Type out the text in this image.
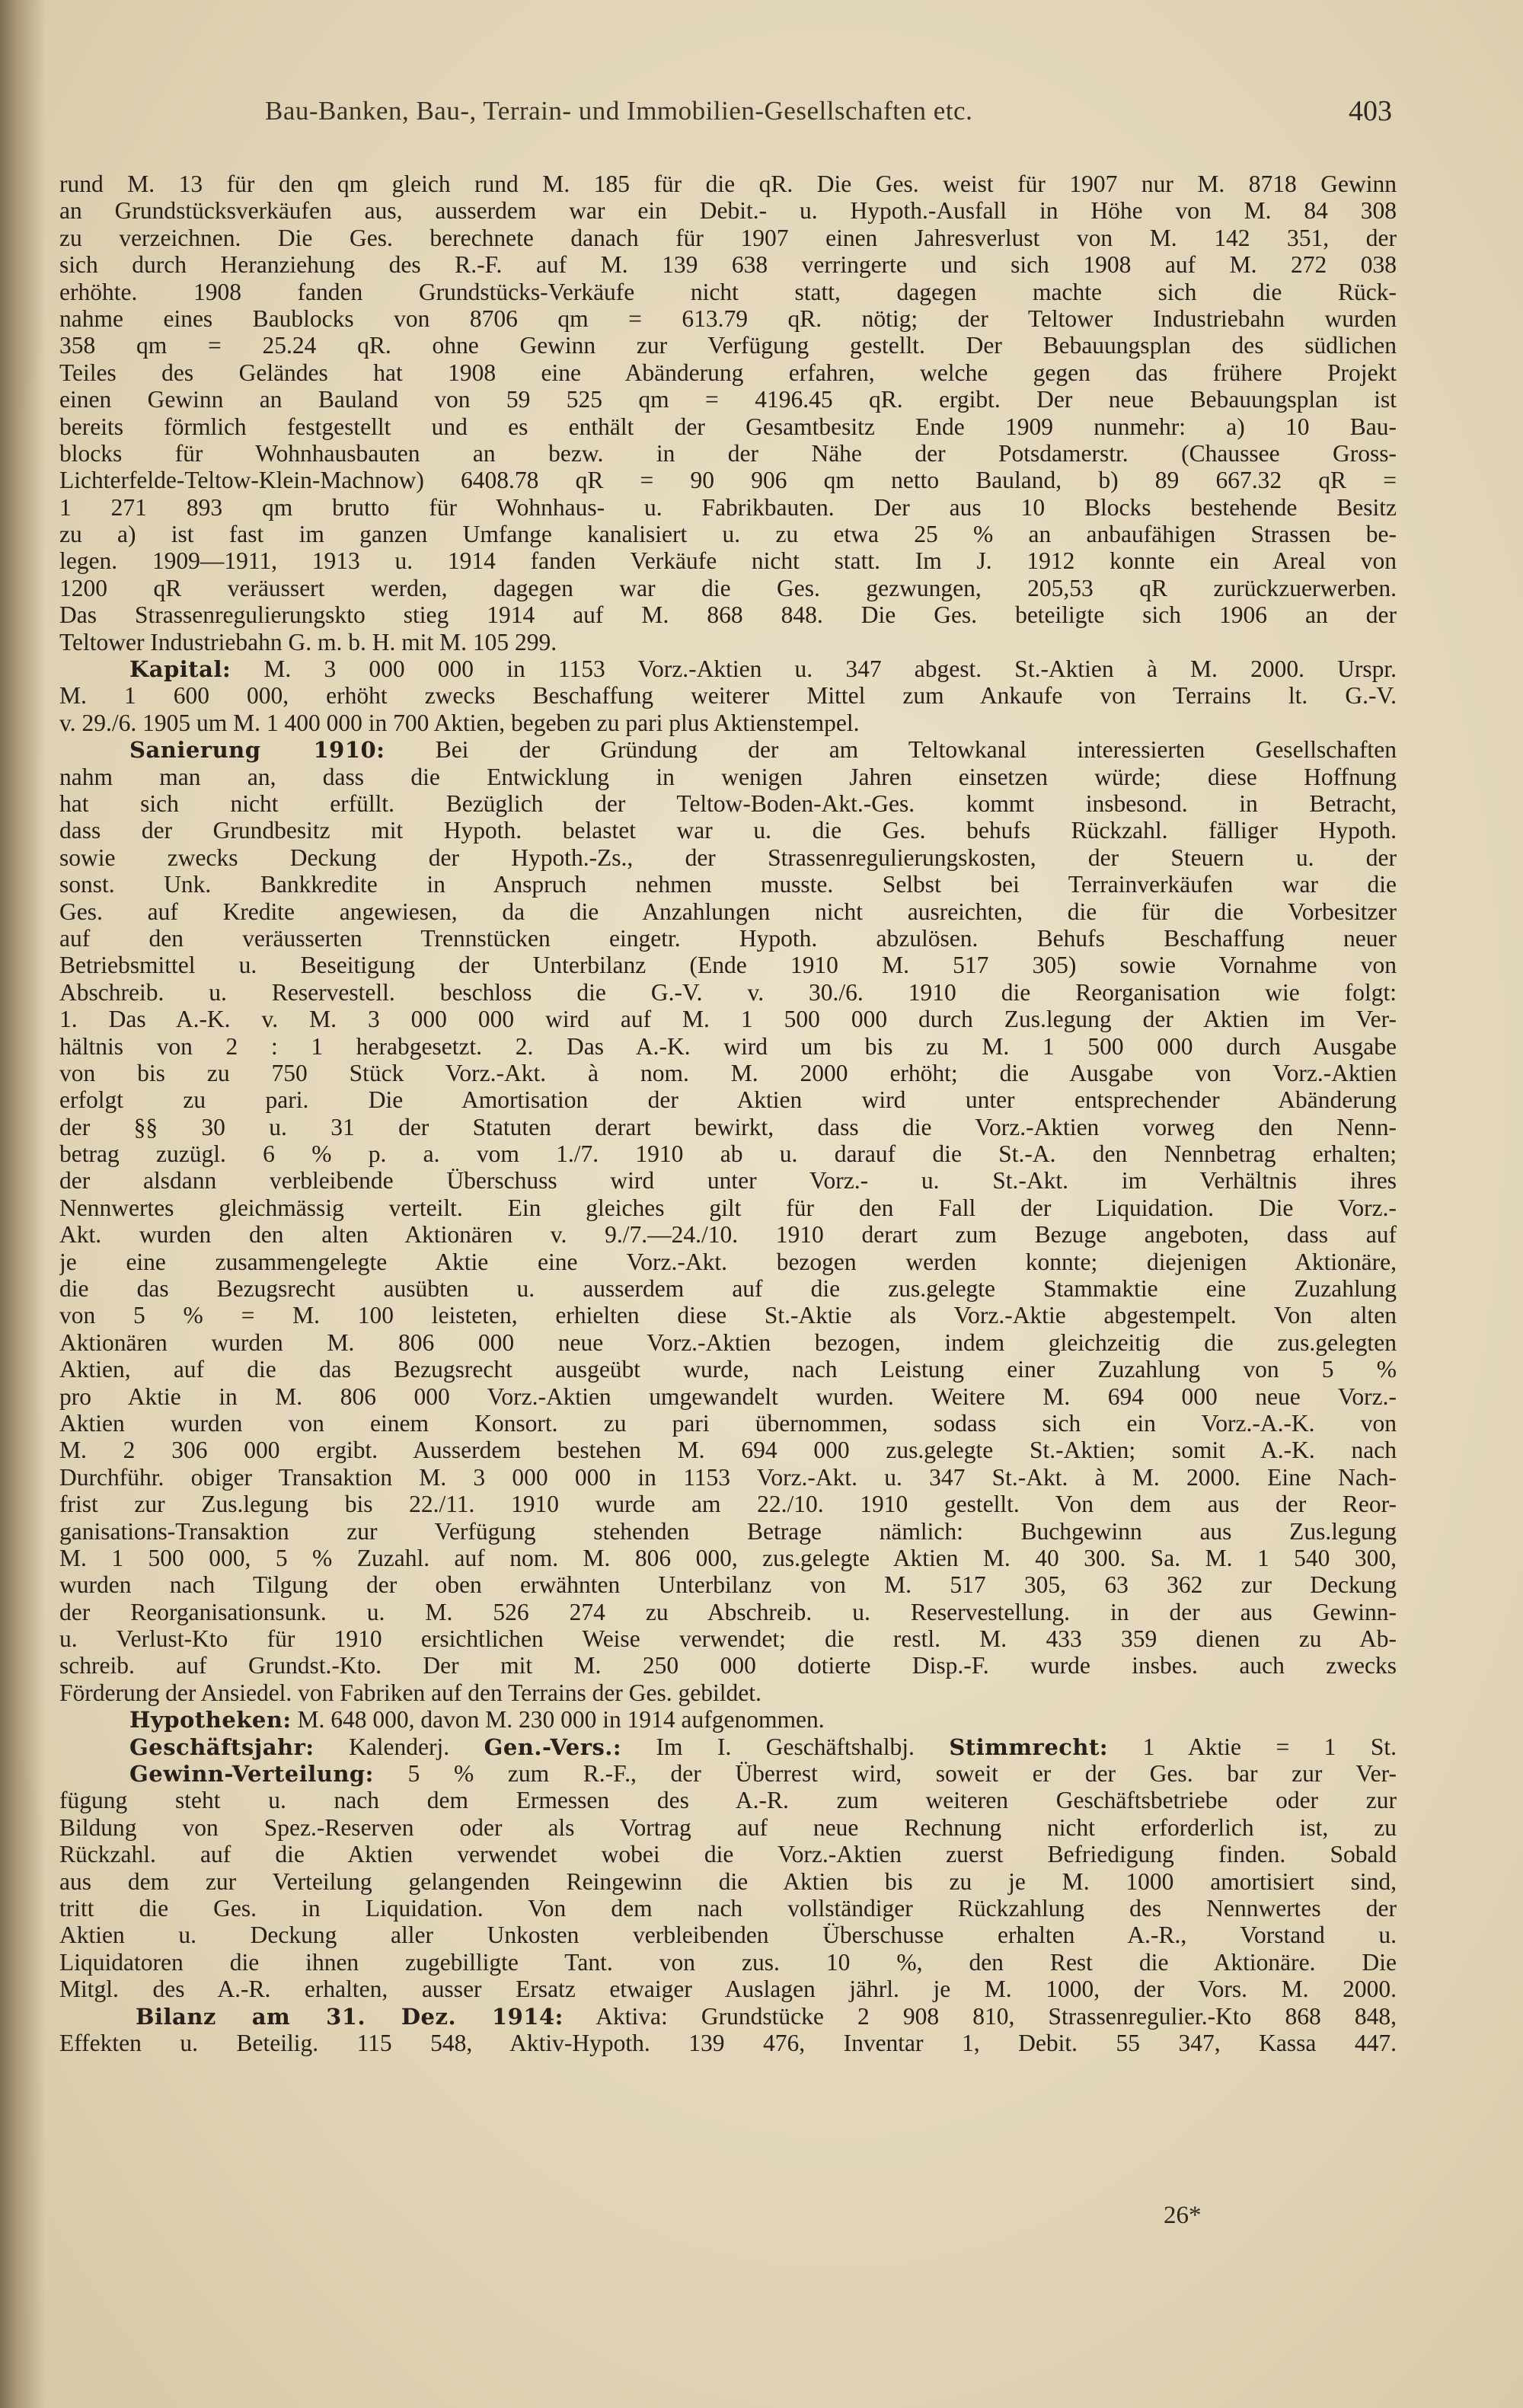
Bau-Banken, Bau-, Terrain- und Immobilien-Gesellschaften etc.	403
rund M. 13 für den qm gleich rund M. 185 für die qR. Die Ges. weist für 1907 nur M. 8718 Gewinn
an Grundstücksverkäufen aus, ausserdem war ein Debit.- u. Hypoth.-Ausfall in Höhe von M. 84 308
zu verzeichnen. Die Ges. berechnete danach für 1907 einen Jahresverlust von M. 142 351, der
sich durch Heranziehung des R.-F. auf M. 139 638 verringerte und sich 1908 auf M. 272 038
erhöhte. 1908 fanden Grundstücks-Verkäufe nicht statt, dagegen machte sich die Rück-
nahme eines Baublocks von 8706 qm = 613.79 qR. nötig; der Teltower Industriebahn wurden
358 qm = 25.24 qR. ohne Gewinn zur Verfügung gestellt. Der Bebauungsplan des südlichen
Teiles des Geländes hat 1908 eine Abänderung erfahren, welche gegen das frühere Projekt
einen Gewinn an Bauland von 59 525 qm = 4196.45 qR. ergibt. Der neue Bebauungsplan ist
bereits förmlich festgestellt und es enthält der Gesamtbesitz Ende 1909 nunmehr: a) 10 Bau-
blocks für Wohnhausbauten an bezw. in der Nähe der Potsdamerstr. (Chaussee Gross-
Lichterfelde-Teltow-Klein-Machnow) 6408.78 qR = 90 906 qm netto Bauland, b) 89 667.32 qR =
1 271 893 qm brutto für Wohnhaus- u. Fabrikbauten. Der aus 10 Blocks bestehende Besitz
zu a) ist fast im ganzen Umfange kanalisiert u. zu etwa 25 % an anbaufähigen Strassen be-
legen. 1909—1911, 1913 u. 1914 fanden Verkäufe nicht statt. Im J. 1912 konnte ein Areal von
1200 qR veräussert werden, dagegen war die Ges. gezwungen, 205,53 qR zurückzuerwerben.
Das Strassenregulierungskto stieg 1914 auf M. 868 848. Die Ges. beteiligte sich 1906 an der
Teltower Industriebahn G. m. b. H. mit M. 105 299.
Kapital: M. 3 000 000 in 1153 Vorz.-Aktien u. 347 abgest. St.-Aktien à M. 2000. Urspr.
M. 1 600 000, erhöht zwecks Beschaffung weiterer Mittel zum Ankaufe von Terrains lt. G.-V.
v. 29./6. 1905 um M. 1 400 000 in 700 Aktien, begeben zu pari plus Aktienstempel.
Sanierung 1910: Bei der Gründung der am Teltowkanal interessierten Gesellschaften
nahm man an, dass die Entwicklung in wenigen Jahren einsetzen würde; diese Hoffnung
hat sich nicht erfüllt. Bezüglich der Teltow-Boden-Akt.-Ges. kommt insbesond. in Betracht,
dass der Grundbesitz mit Hypoth. belastet war u. die Ges. behufs Rückzahl. fälliger Hypoth.
sowie zwecks Deckung der Hypoth.-Zs., der Strassenregulierungskosten, der Steuern u. der
sonst. Unk. Bankkredite in Anspruch nehmen musste. Selbst bei Terrainverkäufen war die
Ges. auf Kredite angewiesen, da die Anzahlungen nicht ausreichten, die für die Vorbesitzer
auf den veräusserten Trennstücken eingetr. Hypoth. abzulösen. Behufs Beschaffung neuer
Betriebsmittel u. Beseitigung der Unterbilanz (Ende 1910 M. 517 305) sowie Vornahme von
Abschreib. u. Reservestell. beschloss die G.-V. v. 30./6. 1910 die Reorganisation wie folgt:
1. Das A.-K. v. M. 3 000 000 wird auf M. 1 500 000 durch Zus.legung der Aktien im Ver-
hältnis von 2 : 1 herabgesetzt. 2. Das A.-K. wird um bis zu M. 1 500 000 durch Ausgabe
von bis zu 750 Stück Vorz.-Akt. à nom. M. 2000 erhöht; die Ausgabe von Vorz.-Aktien
erfolgt zu pari. Die Amortisation der Aktien wird unter entsprechender Abänderung
der §§ 30 u. 31 der Statuten derart bewirkt, dass die Vorz.-Aktien vorweg den Nenn-
betrag zuzügl. 6 % p. a. vom 1./7. 1910 ab u. darauf die St.-A. den Nennbetrag erhalten;
der alsdann verbleibende Überschuss wird unter Vorz.- u. St.-Akt. im Verhältnis ihres
Nennwertes gleichmässig verteilt. Ein gleiches gilt für den Fall der Liquidation. Die Vorz.-
Akt. wurden den alten Aktionären v. 9./7.—24./10. 1910 derart zum Bezuge angeboten, dass auf
je eine zusammengelegte Aktie eine Vorz.-Akt. bezogen werden konnte; diejenigen Aktionäre,
die das Bezugsrecht ausübten u. ausserdem auf die zus.gelegte Stammaktie eine Zuzahlung
von 5 % = M. 100 leisteten, erhielten diese St.-Aktie als Vorz.-Aktie abgestempelt. Von alten
Aktionären wurden M. 806 000 neue Vorz.-Aktien bezogen, indem gleichzeitig die zus.gelegten
Aktien, auf die das Bezugsrecht ausgeübt wurde, nach Leistung einer Zuzahlung von 5 %
pro Aktie in M. 806 000 Vorz.-Aktien umgewandelt wurden. Weitere M. 694 000 neue Vorz.-
Aktien wurden von einem Konsort. zu pari übernommen, sodass sich ein Vorz.-A.-K. von
M. 2 306 000 ergibt. Ausserdem bestehen M. 694 000 zus.gelegte St.-Aktien; somit A.-K. nach
Durchführ. obiger Transaktion M. 3 000 000 in 1153 Vorz.-Akt. u. 347 St.-Akt. à M. 2000. Eine Nach-
frist zur Zus.legung bis 22./11. 1910 wurde am 22./10. 1910 gestellt. Von dem aus der Reor-
ganisations-Transaktion zur Verfügung stehenden Betrage nämlich: Buchgewinn aus Zus.legung
M. 1 500 000, 5 % Zuzahl. auf nom. M. 806 000, zus.gelegte Aktien M. 40 300. Sa. M. 1 540 300,
wurden nach Tilgung der oben erwähnten Unterbilanz von M. 517 305, 63 362 zur Deckung
der Reorganisationsunk. u. M. 526 274 zu Abschreib. u. Reservestellung. in der aus Gewinn-
u. Verlust-Kto für 1910 ersichtlichen Weise verwendet; die restl. M. 433 359 dienen zu Ab-
schreib. auf Grundst.-Kto. Der mit M. 250 000 dotierte Disp.-F. wurde insbes. auch zwecks
Förderung der Ansiedel. von Fabriken auf den Terrains der Ges. gebildet.
Hypotheken: M. 648 000, davon M. 230 000 in 1914 aufgenommen.
Geschäftsjahr: Kalenderj. Gen.-Vers.: Im I. Geschäftshalbj. Stimmrecht: 1 Aktie = 1 St.
Gewinn-Verteilung: 5 % zum R.-F., der Überrest wird, soweit er der Ges. bar zur Ver-
fügung steht u. nach dem Ermessen des A.-R. zum weiteren Geschäftsbetriebe oder zur
Bildung von Spez.-Reserven oder als Vortrag auf neue Rechnung nicht erforderlich ist, zu
Rückzahl. auf die Aktien verwendet wobei die Vorz.-Aktien zuerst Befriedigung finden. Sobald
aus dem zur Verteilung gelangenden Reingewinn die Aktien bis zu je M. 1000 amortisiert sind,
tritt die Ges. in Liquidation. Von dem nach vollständiger Rückzahlung des Nennwertes der
Aktien u. Deckung aller Unkosten verbleibenden Überschusse erhalten A.-R., Vorstand u.
Liquidatoren die ihnen zugebilligte Tant. von zus. 10 %, den Rest die Aktionäre. Die
Mitgl. des A.-R. erhalten, ausser Ersatz etwaiger Auslagen jährl. je M. 1000, der Vors. M. 2000.
Bilanz am 31. Dez. 1914: Aktiva: Grundstücke 2 908 810, Strassenregulier.-Kto 868 848,
Effekten u. Beteilig. 115 548, Aktiv-Hypoth. 139 476, Inventar 1, Debit. 55 347, Kassa 447.
26*
